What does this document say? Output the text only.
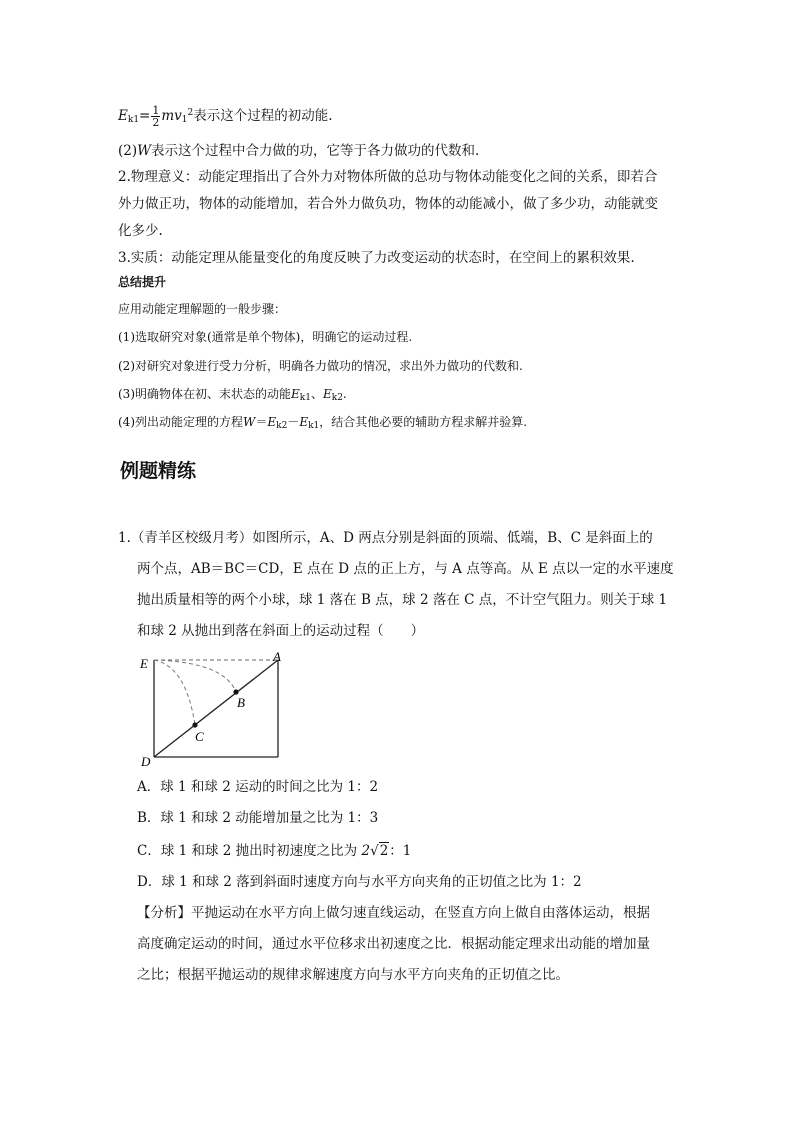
$E_{k1}= \frac{1}{2} mv_1^2$表示这个过程的初动能.
(2)W表示这个过程中合力做的功，它等于各力做功的代数和.
2.物理意义：动能定理指出了合外力对物体所做的总功与物体动能变化之间的关系，即若合
外力做正功，物体的动能增加，若合外力做负功，物体的动能减小，做了多少功，动能就变
化多少.
3.实质：动能定理从能量变化的角度反映了力改变运动的状态时，在空间上的累积效果.
总结提升
应用动能定理解题的一般步骤：
(1)选取研究对象(通常是单个物体)，明确它的运动过程.
(2)对研究对象进行受力分析，明确各力做功的情况，求出外力做功的代数和.
(3)明确物体在初、末状态的动能$E_{k1}$、$E_{k2}$.
(4)列出动能定理的方程$W=E_{k2}-E_{k1}$，结合其他必要的辅助方程求解并验算.
例题精练
1.（青羊区校级月考）如图所示，A、D 两点分别是斜面的顶端、低端，B、C 是斜面上的
两个点，AB＝BC＝CD，E 点在 D 点的正上方，与 A 点等高。从 E 点以一定的水平速度
抛出质量相等的两个小球，球 1 落在 B 点，球 2 落在 C 点，不计空气阻力。则关于球 1
和球 2 从抛出到落在斜面上的运动过程（　　）
E	A
B
C
D
A．球 1 和球 2 运动的时间之比为 1：2
B．球 1 和球 2 动能增加量之比为 1：3
C．球 1 和球 2 抛出时初速度之比为 2√2：1
D．球 1 和球 2 落到斜面时速度方向与水平方向夹角的正切值之比为 1：2
【分析】平抛运动在水平方向上做匀速直线运动，在竖直方向上做自由落体运动，根据
高度确定运动的时间，通过水平位移求出初速度之比．根据动能定理求出动能的增加量
之比；根据平抛运动的规律求解速度方向与水平方向夹角的正切值之比。
